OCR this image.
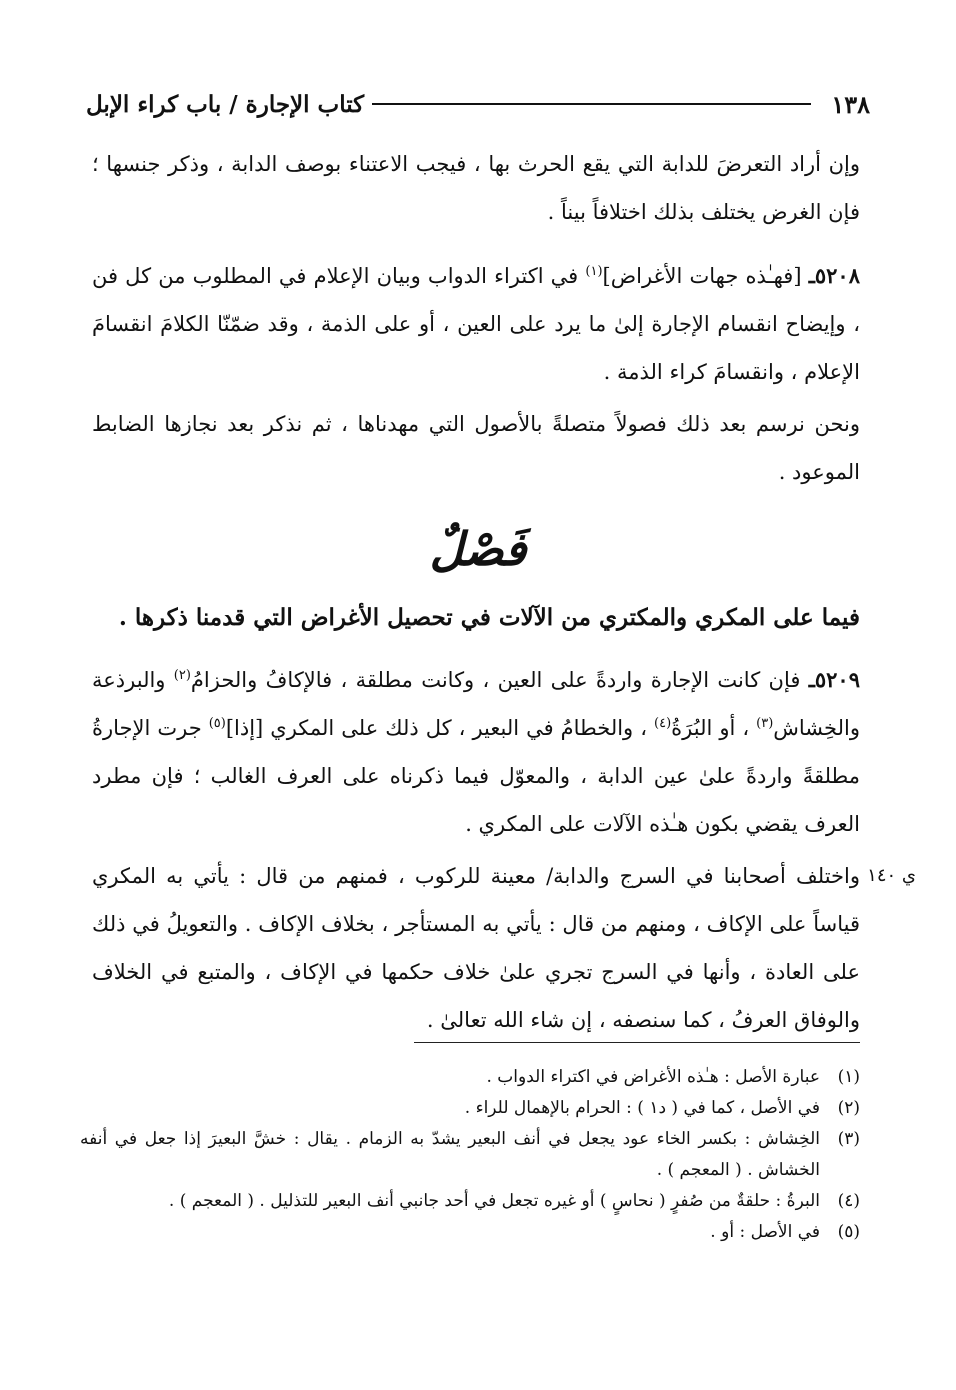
١٣٨
كتاب الإجارة / باب كراء الإبل

وإن أراد التعرضَ للدابة التي يقع الحرث بها ، فيجب الاعتناء بوصف الدابة ، وذكر جنسها ؛ فإن الغرض يختلف بذلك اختلافاً بيناً .

٥٢٠٨ـ [فهـٰذه جهات الأغراض]$^{(١)}$ في اكتراء الدواب وبيان الإعلام في المطلوب من كل فن ، وإيضاح انقسام الإجارة إلىٰ ما يرد على العين ، أو على الذمة ، وقد ضمّنّا الكلامَ انقسامَ الإعلام ، وانقسامَ كراء الذمة .

ونحن نرسم بعد ذلك فصولاً متصلةً بالأصول التي مهدناها ، ثم نذكر بعد نجازها الضابط الموعود .

فَصْلٌ
فيما على المكري والمكتري من الآلات في تحصيل الأغراض التي قدمنا ذكرها .

٥٢٠٩ـ فإن كانت الإجارة واردةً على العين ، وكانت مطلقة ، فالإكافُ والحزامُ$^{(٢)}$ والبرذعة والخِشاش$^{(٣)}$ ، أو البُرَةُ$^{(٤)}$ ، والخطامُ في البعير ، كل ذلك على المكري [إذا]$^{(٥)}$ جرت الإجارةُ مطلقةً واردةً علىٰ عين الدابة ، والمعوّل فيما ذكرناه على العرف الغالب ؛ فإن مطرد العرف يقضي بكون هـٰذه الآلات على المكري .

ي ١٤٠

واختلف أصحابنا في السرج والدابة/ معينة للركوب ، فمنهم من قال : يأتي به المكري قياساً على الإكاف ، ومنهم من قال : يأتي به المستأجر ، بخلاف الإكاف . والتعويلُ في ذلك على العادة ، وأنها في السرج تجري علىٰ خلاف حكمها في الإكاف ، والمتبع في الخلاف والوفاق العرفُ ، كما سنصفه ، إن شاء الله تعالىٰ .

(١)
عبارة الأصل : هـٰذه الأغراض في اكتراء الدواب .
(٢)
في الأصل ، كما في ( د١ ) : الحرام بالإهمال للراء .
(٣)
الخِشاش : بكسر الخاء عود يجعل في أنف البعير يشدّ به الزمام . يقال : خشَّ البعيرَ إذا جعل في أنفه الخشاش . ( المعجم ) .
(٤)
البرةُ : حلقةٌ من صُفرٍ ( نحاسٍ ) أو غيره تجعل في أحد جانبي أنف البعير للتذليل . ( المعجم ) .
(٥)
في الأصل : أو .
